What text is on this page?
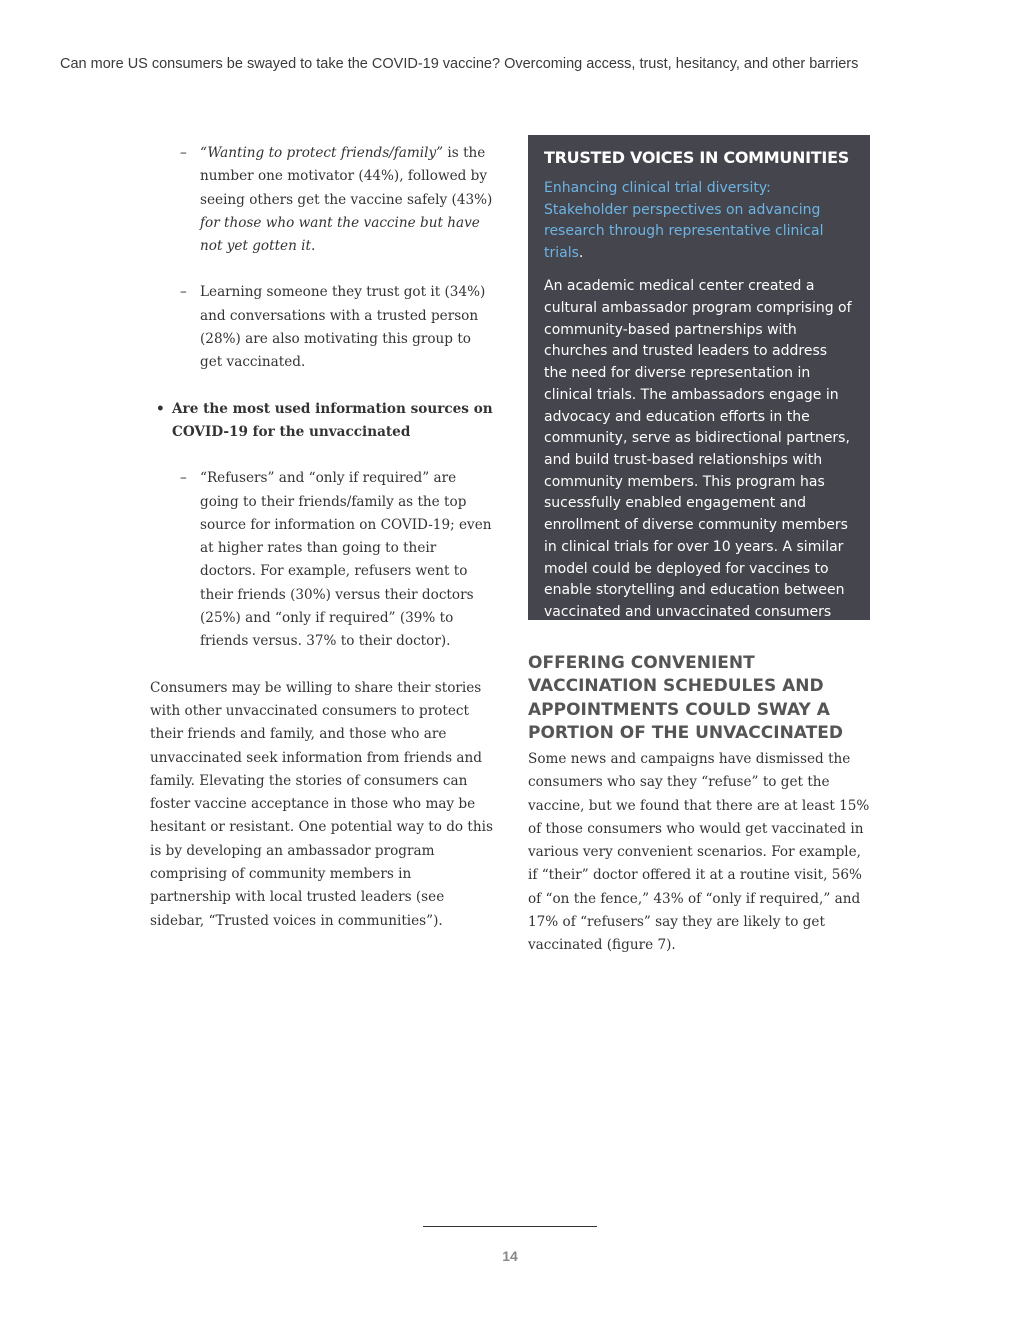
Can more US consumers be swayed to take the COVID-19 vaccine? Overcoming access, trust, hesitancy, and other barriers

– “Wanting to protect friends/family” is the number one motivator (44%), followed by seeing others get the vaccine safely (43%) for those who want the vaccine but have not yet gotten it.

– Learning someone they trust got it (34%) and conversations with a trusted person (28%) are also motivating this group to get vaccinated.

• Are the most used information sources on COVID-19 for the unvaccinated

– “Refusers” and “only if required” are going to their friends/family as the top source for information on COVID-19; even at higher rates than going to their doctors. For example, refusers went to their friends (30%) versus their doctors (25%) and “only if required” (39% to friends versus. 37% to their doctor).

Consumers may be willing to share their stories with other unvaccinated consumers to protect their friends and family, and those who are unvaccinated seek information from friends and family. Elevating the stories of consumers can foster vaccine acceptance in those who may be hesitant or resistant. One potential way to do this is by developing an ambassador program comprising of community members in partnership with local trusted leaders (see sidebar, “Trusted voices in communities”).

TRUSTED VOICES IN COMMUNITIES

Enhancing clinical trial diversity: Stakeholder perspectives on advancing research through representative clinical trials.

An academic medical center created a cultural ambassador program comprising of community-based partnerships with churches and trusted leaders to address the need for diverse representation in clinical trials. The ambassadors engage in advocacy and education efforts in the community, serve as bidirectional partners, and build trust-based relationships with community members. This program has sucessfully enabled engagement and enrollment of diverse community members in clinical trials for over 10 years. A similar model could be deployed for vaccines to enable storytelling and education between vaccinated and unvaccinated consumers and stakeholders.

OFFERING CONVENIENT VACCINATION SCHEDULES AND APPOINTMENTS COULD SWAY A PORTION OF THE UNVACCINATED

Some news and campaigns have dismissed the consumers who say they “refuse” to get the vaccine, but we found that there are at least 15% of those consumers who would get vaccinated in various very convenient scenarios. For example, if “their” doctor offered it at a routine visit, 56% of “on the fence,” 43% of “only if required,” and 17% of “refusers” say they are likely to get vaccinated (figure 7).

14
